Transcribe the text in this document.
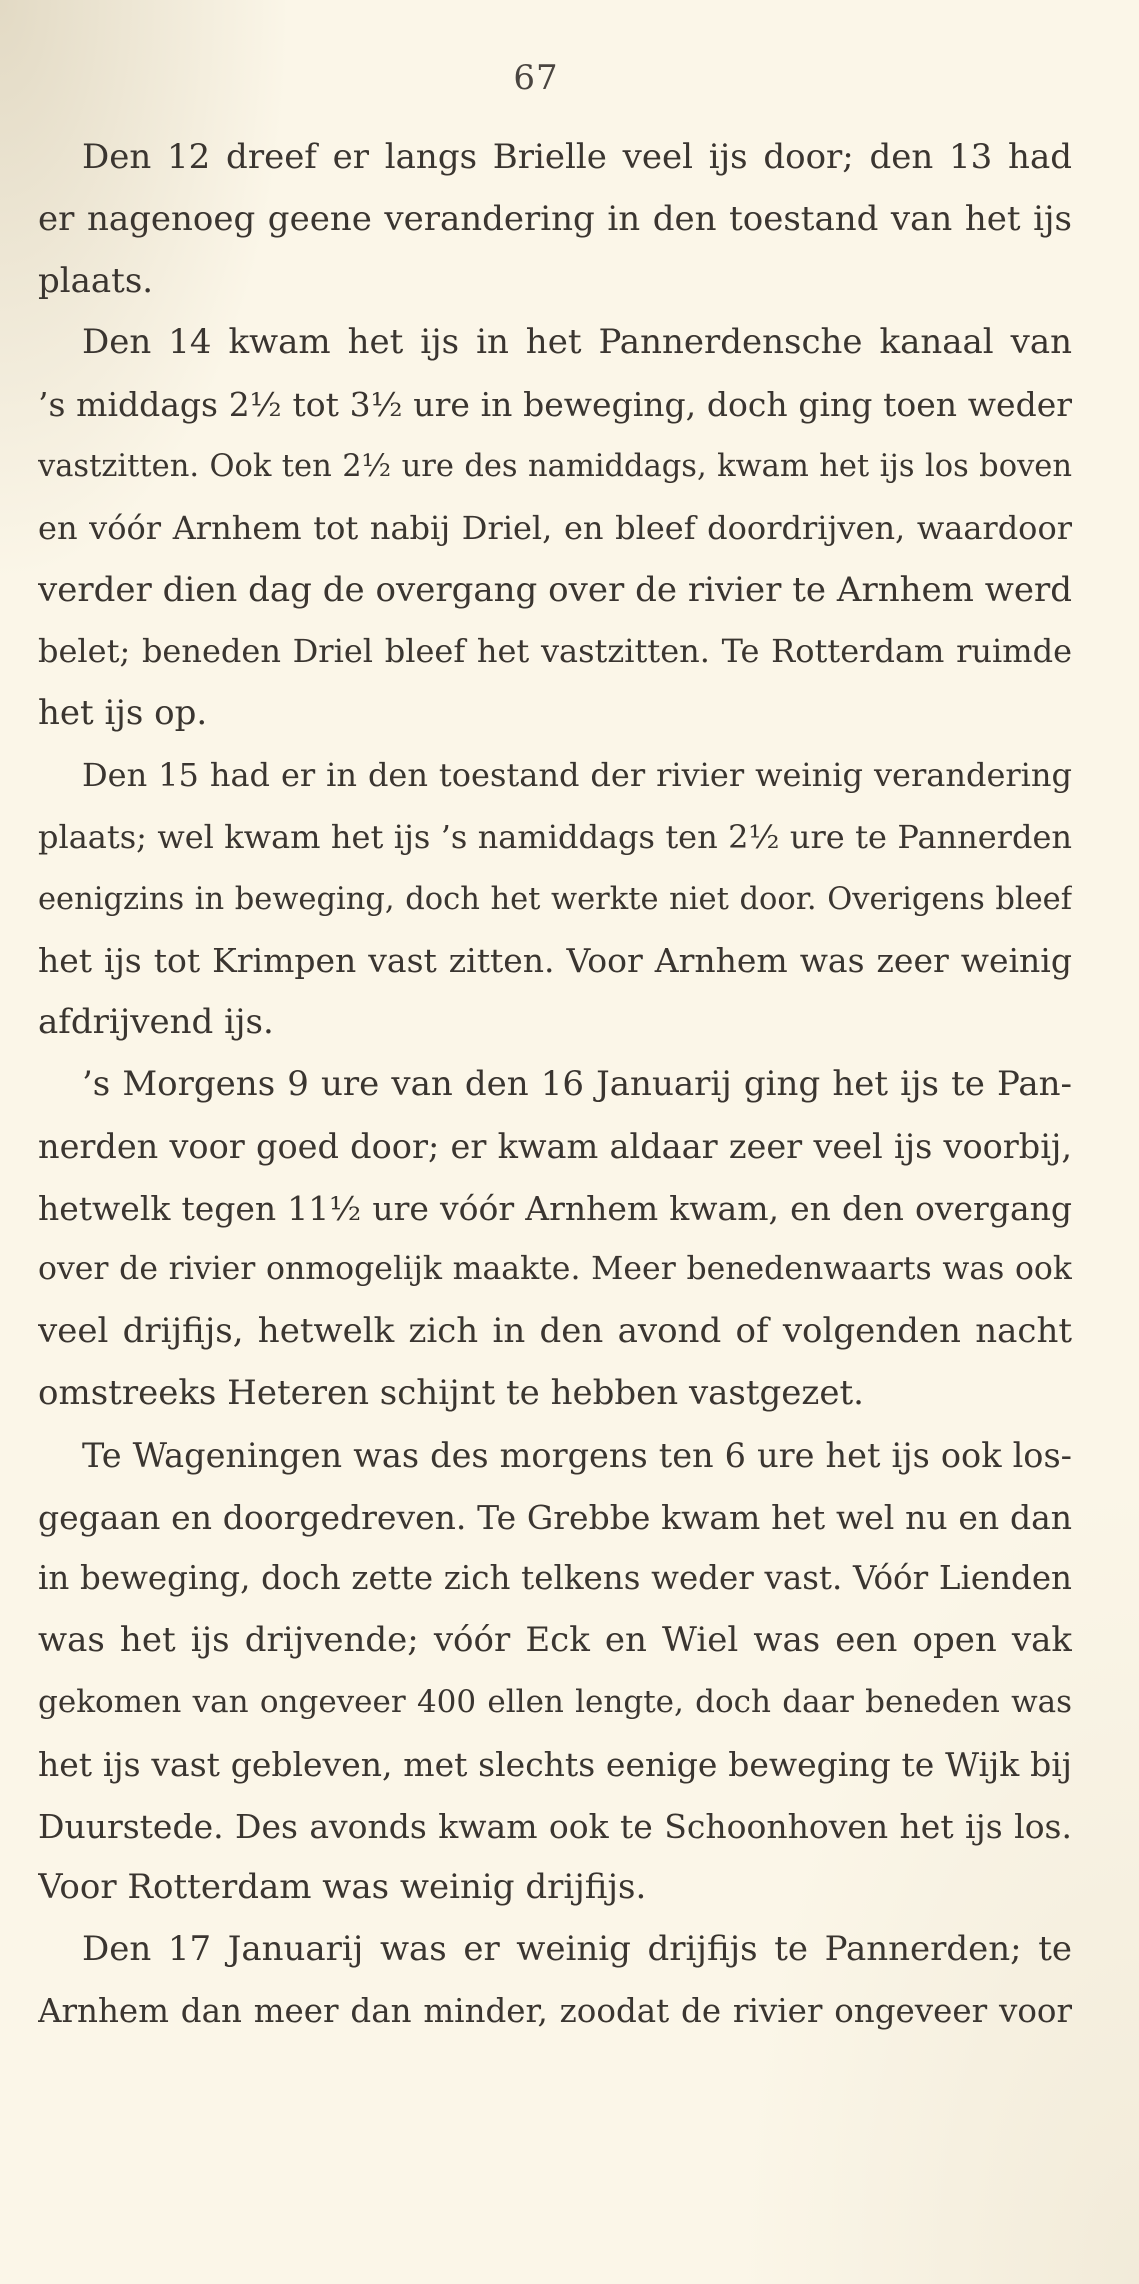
67
Den 12 dreef er langs Brielle veel ijs door; den 13 had
er nagenoeg geene verandering in den toestand van het ijs
plaats.
Den 14 kwam het ijs in het Pannerdensche kanaal van
’s middags 2½ tot 3½ ure in beweging, doch ging toen weder
vastzitten. Ook ten 2½ ure des namiddags, kwam het ijs los boven
en vóór Arnhem tot nabij Driel, en bleef doordrijven, waardoor
verder dien dag de overgang over de rivier te Arnhem werd
belet; beneden Driel bleef het vastzitten. Te Rotterdam ruimde
het ijs op.
Den 15 had er in den toestand der rivier weinig verandering
plaats; wel kwam het ijs ’s namiddags ten 2½ ure te Pannerden
eenigzins in beweging, doch het werkte niet door. Overigens bleef
het ijs tot Krimpen vast zitten. Voor Arnhem was zeer weinig
afdrijvend ijs.
’s Morgens 9 ure van den 16 Januarij ging het ijs te Pan-
nerden voor goed door; er kwam aldaar zeer veel ijs voorbij,
hetwelk tegen 11½ ure vóór Arnhem kwam, en den overgang
over de rivier onmogelijk maakte. Meer benedenwaarts was ook
veel drijfijs, hetwelk zich in den avond of volgenden nacht
omstreeks Heteren schijnt te hebben vastgezet.
Te Wageningen was des morgens ten 6 ure het ijs ook los-
gegaan en doorgedreven. Te Grebbe kwam het wel nu en dan
in beweging, doch zette zich telkens weder vast. Vóór Lienden
was het ijs drijvende; vóór Eck en Wiel was een open vak
gekomen van ongeveer 400 ellen lengte, doch daar beneden was
het ijs vast gebleven, met slechts eenige beweging te Wijk bij
Duurstede. Des avonds kwam ook te Schoonhoven het ijs los.
Voor Rotterdam was weinig drijfijs.
Den 17 Januarij was er weinig drijfijs te Pannerden; te
Arnhem dan meer dan minder, zoodat de rivier ongeveer voor
